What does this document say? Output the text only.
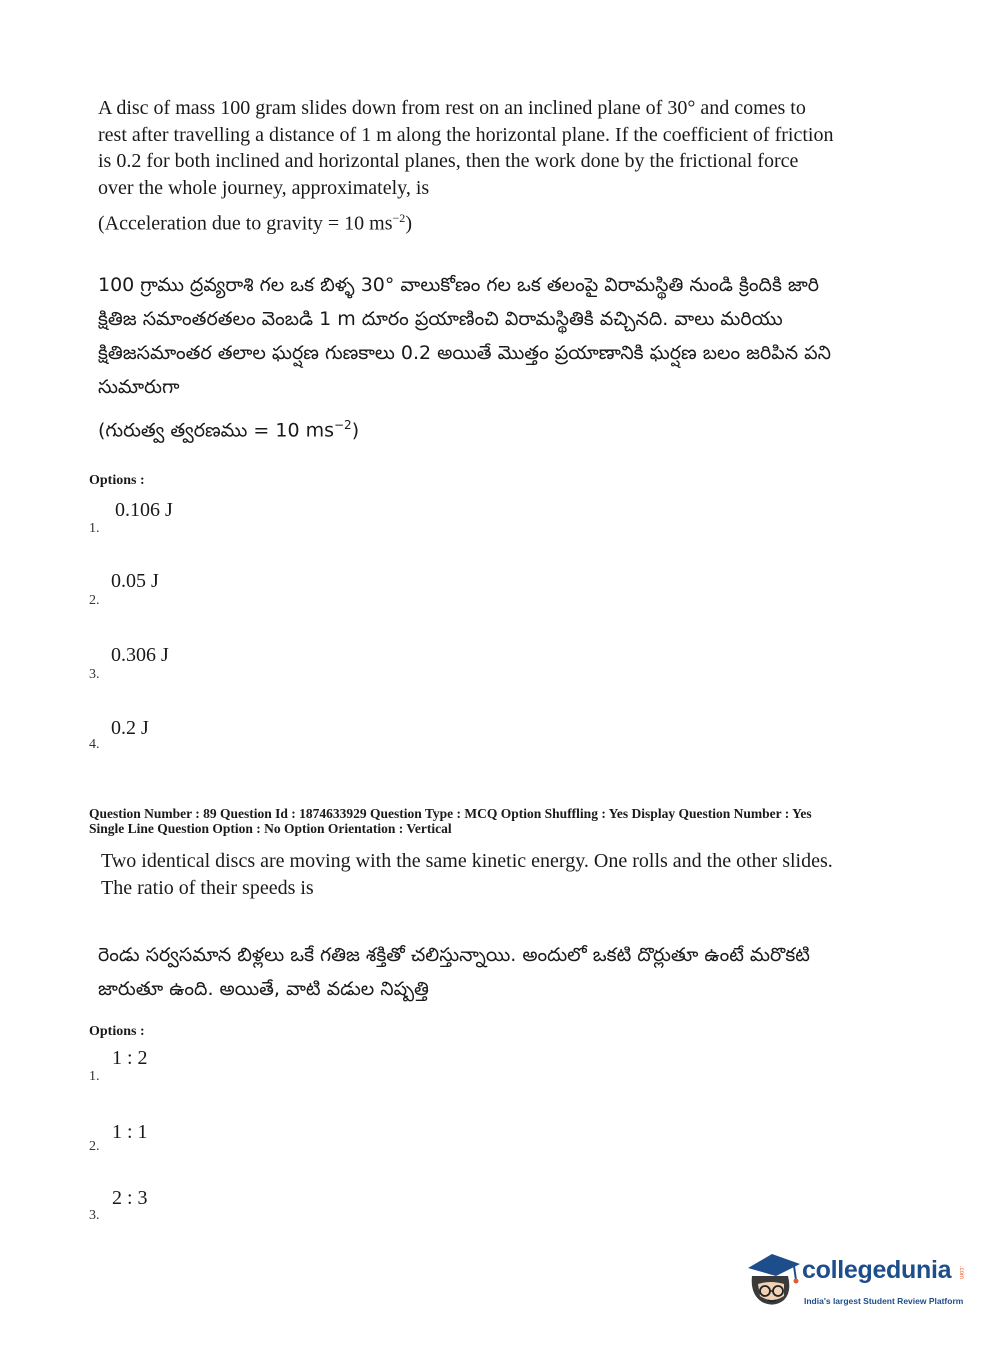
A disc of mass 100 gram slides down from rest on an inclined plane of 30° and comes to
rest after travelling a distance of 1 m along the horizontal plane. If the coefficient of friction
is 0.2 for both inclined and horizontal planes, then the work done by the frictional force
over the whole journey, approximately, is
(Acceleration due to gravity = 10 $ms^{-2}$)
100 గ్రాము ద్రవ్యరాశి గల ఒక బిళ్ళ 30° వాలుకోణం గల ఒక తలంపై విరామస్థితి నుండి క్రిందికి జారి
క్షితిజ సమాంతరతలం వెంబడి 1 m దూరం ప్రయాణించి విరామస్థితికి వచ్చినది. వాలు మరియు
క్షితిజసమాంతర తలాల ఘర్షణ గుణకాలు 0.2 అయితే మొత్తం ప్రయాణానికి ఘర్షణ బలం జరిపిన పని
సుమారుగా
(గురుత్వ త్వరణము = 10 $ms^{-2}$)
Options :
0.106 J
1.
0.05 J
2.
0.306 J
3.
0.2 J
4.
Question Number : 89 Question Id : 1874633929 Question Type : MCQ Option Shuffling : Yes Display Question Number : Yes
Single Line Question Option : No Option Orientation : Vertical
Two identical discs are moving with the same kinetic energy. One rolls and the other slides.
The ratio of their speeds is
రెండు సర్వసమాన బిళ్లలు ఒకే గతిజ శక్తితో చలిస్తున్నాయి. అందులో ఒకటి దొర్లుతూ ఉంటే మరొకటి
జారుతూ ఉంది. అయితే, వాటి వడుల నిష్పత్తి
Options :
1 : 2
1.
1 : 1
2.
2 : 3
3.
collegedunia .com
India's largest Student Review Platform
